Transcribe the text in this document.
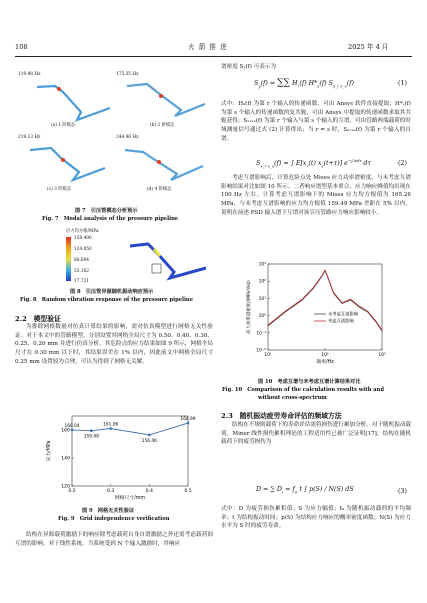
108	火 箭 推 进	2025 年 4 月
119.98 Hz	175.35 Hz
219.13 Hz	244.46 Hz
(a) 1 阶模态	(b) 2 阶模态
(c) 3 阶模态	(d) 4 阶模态
图 7　引压管模态分析预示
Fig. 7　Modal analysis of the pressure pipeline
应力均方根/MPa
159.490
124.050
88.604
53.162
17.721
图 8　引压管异源随机振动响应预示
Fig. 8　Random vibration response of the pressure pipeline
2.2　模型验证
为排除网格数量对仿真计算结果的影响，需对仿真模型进行网格无关性验证。对于本文中的管路模型，分别设置其网格全局尺寸为 0.50、0.40、0.30、0.25、0.20 mm 并进行仿真分析，其危险点的应力结果如图 9 所示，网格全局尺寸在 0.30 mm 以下时，其结果误差在 1% 以内，因此前文中网格全局尺寸 0.25 mm 设置较为合理，可认为得到了网格无关解。
120
140
160
0.2	0.3	0.4	0.5
网格尺寸/mm
应力/MPa
160.04
159.49
161.06
156.46
164.99
图 9　网格无关性验证
Fig. 9　Grid independence verification
结构在异源载荷激励下的响应除考虑载荷自身自谱激励之外还需考虑载荷间互谱的影响。对于线性系统，当系统受到 N 个输入激励时，其响应
谱密度 Sᵧ(f) 可表示为
$S_y(f)$ = ∑∑ $H_r(f)$ $H*_s(f)$ $S_{x\_r x\_s}(f)$	(1)
式中：Hₖ(f) 为第 r 个输入的传递函数，可由 Ansys 软件直接提取；H*ₛ(f) 为第 s 个输入的传递函数的复共轭，可由 Ansys 中提取的传递函数求取其共轭获得；Sₓᵣₓₛ(f) 为第 r 个输入与第 s 个输入的互谱，可由管路两端载荷的时域测量信号通过式 (2) 计算得出；当 r = s 时，Sₓᵣₓₛ(f) 为第 r 个输入的自谱。
$S_{x\_r x\_s}(f)$ = ∫ $E[x_r(t)$ $x_s(t+\tau)$] $e^{-j2\pi f\tau}$ dτ	(2)
考虑互谱影响后，计算危险点处 Mises 应力功率谱密度，与未考虑互谱影响结果对比如图 10 所示。二者响应谱型基本重合，应力响应峰值均出现在 100 Hz 左右。计算考虑互谱影响下的 Mises 应力均方根值为 165.26 MPa，与未考虑互谱影响的应力均方根值 159.49 MPa 差距在 5% 以内，说明在前述 PSD 输入谱下互谱对该引压管路应力响应影响较小。
10⁻²
10⁻¹
10⁰
10¹
10²
10³
10¹	10²	10³
频率/Hz
应力功率谱密度/(MPa²/Hz)	未考虑互谱影响
考虑互谱影响
图 10　考虑互谱与未考虑互谱计算结果对比
Fig. 10　Comparison of the calculation results with and
without cross-spectrum
2.3　随机振动疲劳寿命评估的频域方法
结构在不规则载荷下的寿命评估需将损伤进行累加分析。对于随机振动载荷，Miner 线性损伤累积理论的工程适用性已被广泛证明[17]，结构在随机载荷下的疲劳损伤为
D = ∑ $D_i = f_0$ t ∫ p(S) / N(S) dS	(3)
式中：D 为疲劳损伤累积值；S 为应力幅值；f₀ 为随机振动载荷的平均频率；t 为结构振动时间；p(S) 为结构应力响应的概率密度函数；N(S) 为应力水平为 S 时的疲劳寿命。
